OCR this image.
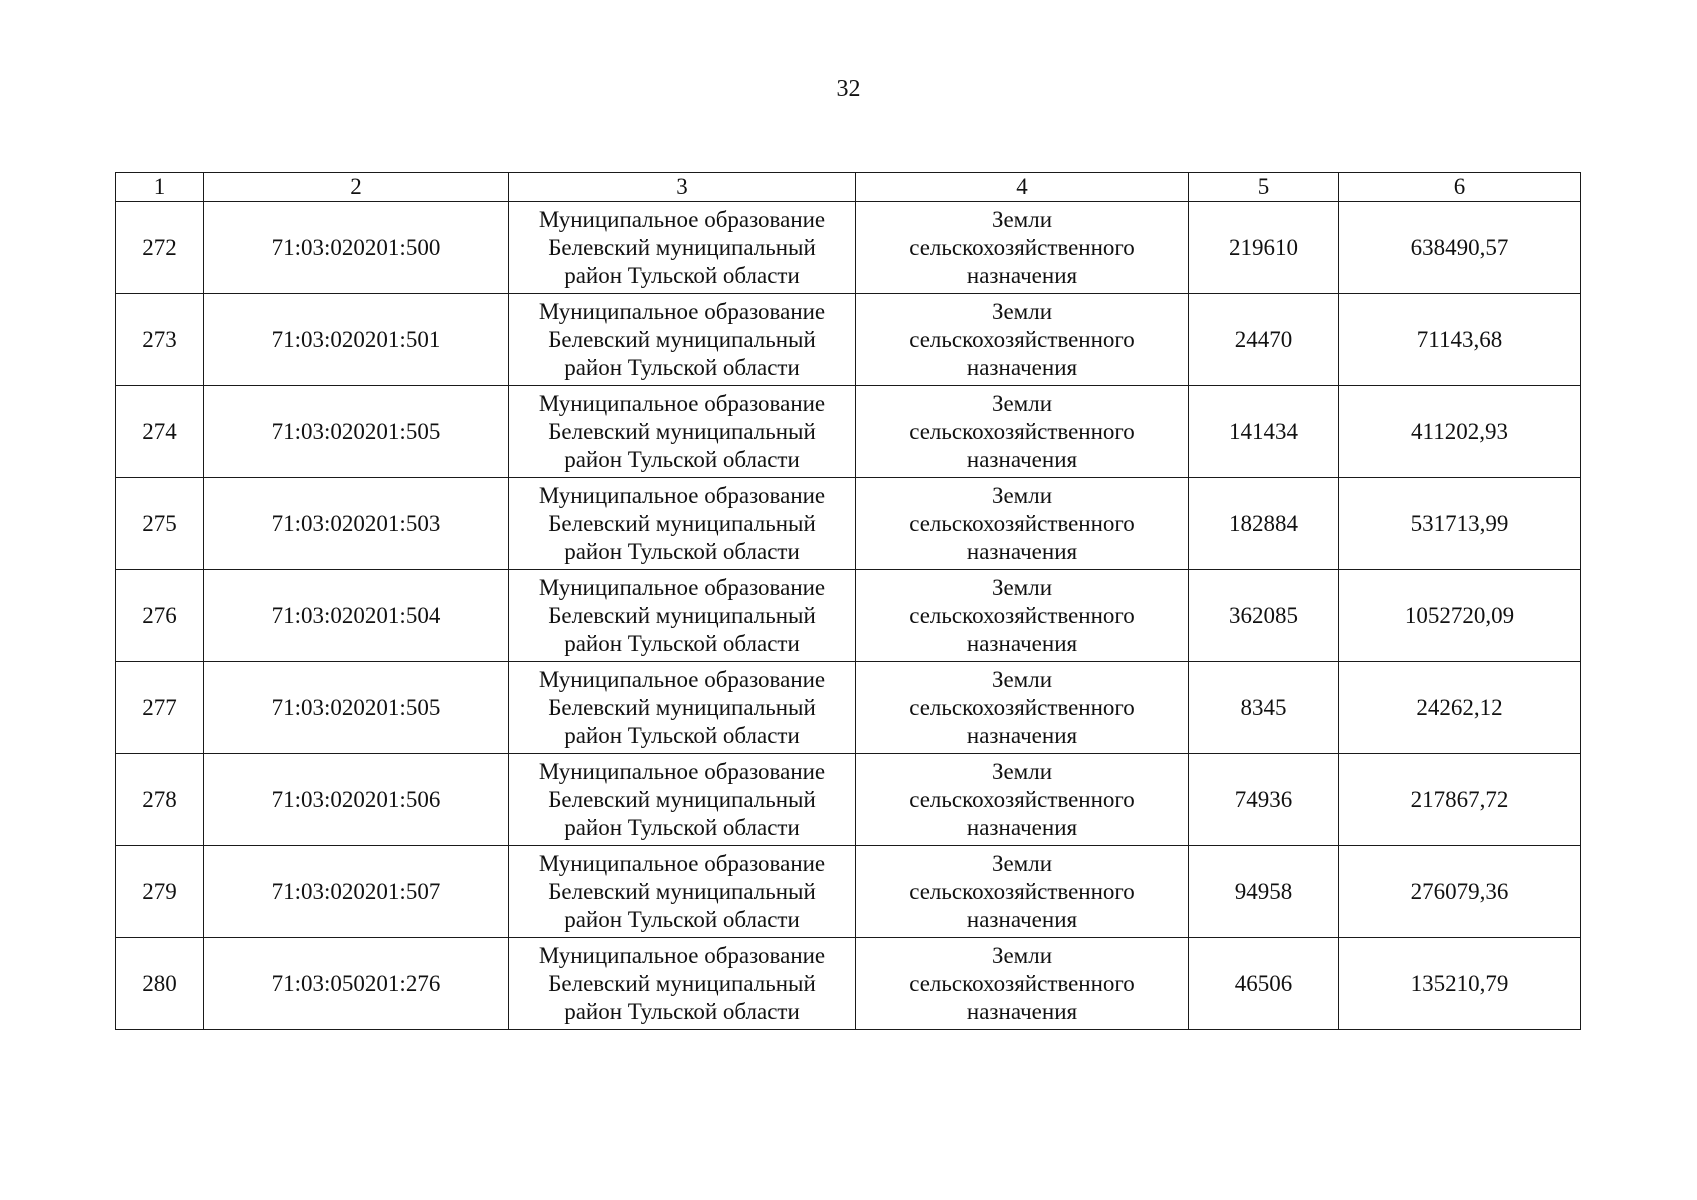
32
1	2	3	4	5	6
272	71:03:020201:500	Муниципальное образование
Белевский муниципальный
район Тульской области	Земли
сельскохозяйственного
назначения	219610	638490,57
273	71:03:020201:501	Муниципальное образование
Белевский муниципальный
район Тульской области	Земли
сельскохозяйственного
назначения	24470	71143,68
274	71:03:020201:505	Муниципальное образование
Белевский муниципальный
район Тульской области	Земли
сельскохозяйственного
назначения	141434	411202,93
275	71:03:020201:503	Муниципальное образование
Белевский муниципальный
район Тульской области	Земли
сельскохозяйственного
назначения	182884	531713,99
276	71:03:020201:504	Муниципальное образование
Белевский муниципальный
район Тульской области	Земли
сельскохозяйственного
назначения	362085	1052720,09
277	71:03:020201:505	Муниципальное образование
Белевский муниципальный
район Тульской области	Земли
сельскохозяйственного
назначения	8345	24262,12
278	71:03:020201:506	Муниципальное образование
Белевский муниципальный
район Тульской области	Земли
сельскохозяйственного
назначения	74936	217867,72
279	71:03:020201:507	Муниципальное образование
Белевский муниципальный
район Тульской области	Земли
сельскохозяйственного
назначения	94958	276079,36
280	71:03:050201:276	Муниципальное образование
Белевский муниципальный
район Тульской области	Земли
сельскохозяйственного
назначения	46506	135210,79
